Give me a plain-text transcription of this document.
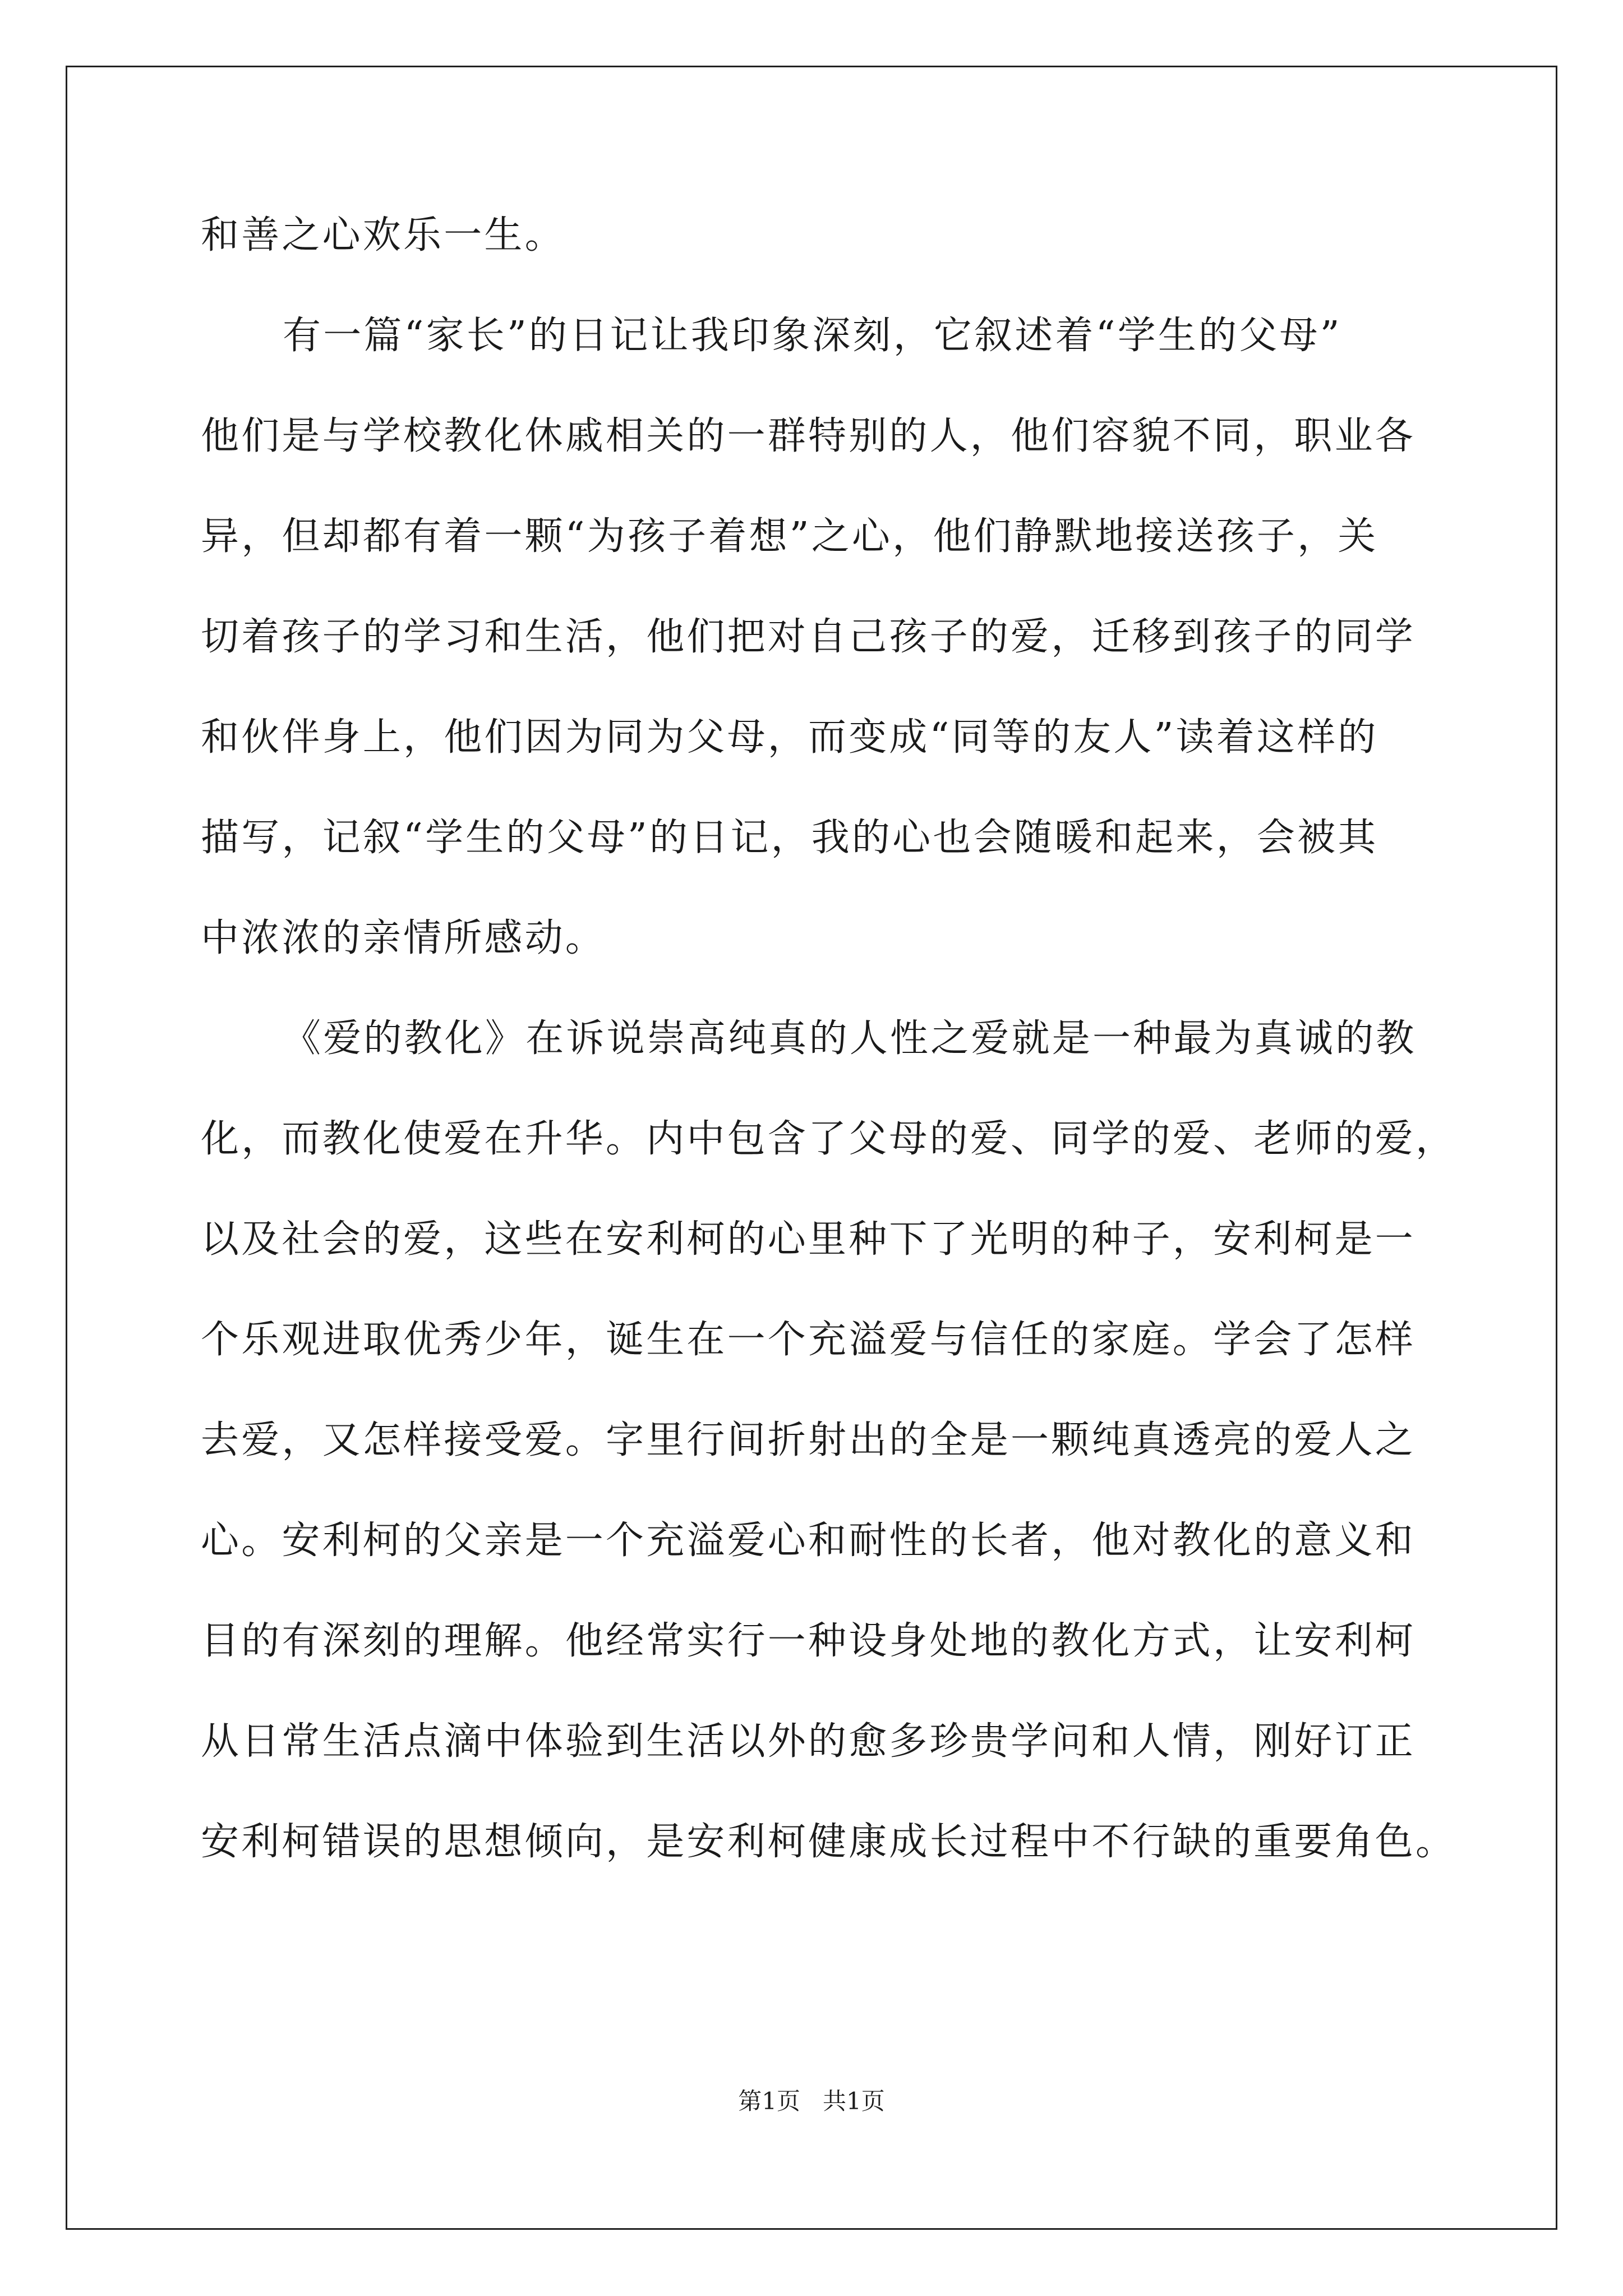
和善之心欢乐一生。
有一篇“家长”的日记让我印象深刻，它叙述着“学生的父母”
他们是与学校教化休戚相关的一群特别的人，他们容貌不同，职业各
异，但却都有着一颗“为孩子着想”之心，他们静默地接送孩子，关
切着孩子的学习和生活，他们把对自己孩子的爱，迁移到孩子的同学
和伙伴身上，他们因为同为父母，而变成“同等的友人”读着这样的
描写，记叙“学生的父母”的日记，我的心也会随暖和起来，会被其
中浓浓的亲情所感动。
《爱的教化》在诉说崇高纯真的人性之爱就是一种最为真诚的教
化，而教化使爱在升华。内中包含了父母的爱、同学的爱、老师的爱，
以及社会的爱，这些在安利柯的心里种下了光明的种子，安利柯是一
个乐观进取优秀少年，诞生在一个充溢爱与信任的家庭。学会了怎样
去爱，又怎样接受爱。字里行间折射出的全是一颗纯真透亮的爱人之
心。安利柯的父亲是一个充溢爱心和耐性的长者，他对教化的意义和
目的有深刻的理解。他经常实行一种设身处地的教化方式，让安利柯
从日常生活点滴中体验到生活以外的愈多珍贵学问和人情，刚好订正
安利柯错误的思想倾向，是安利柯健康成长过程中不行缺的重要角色。
第1页 共1页
